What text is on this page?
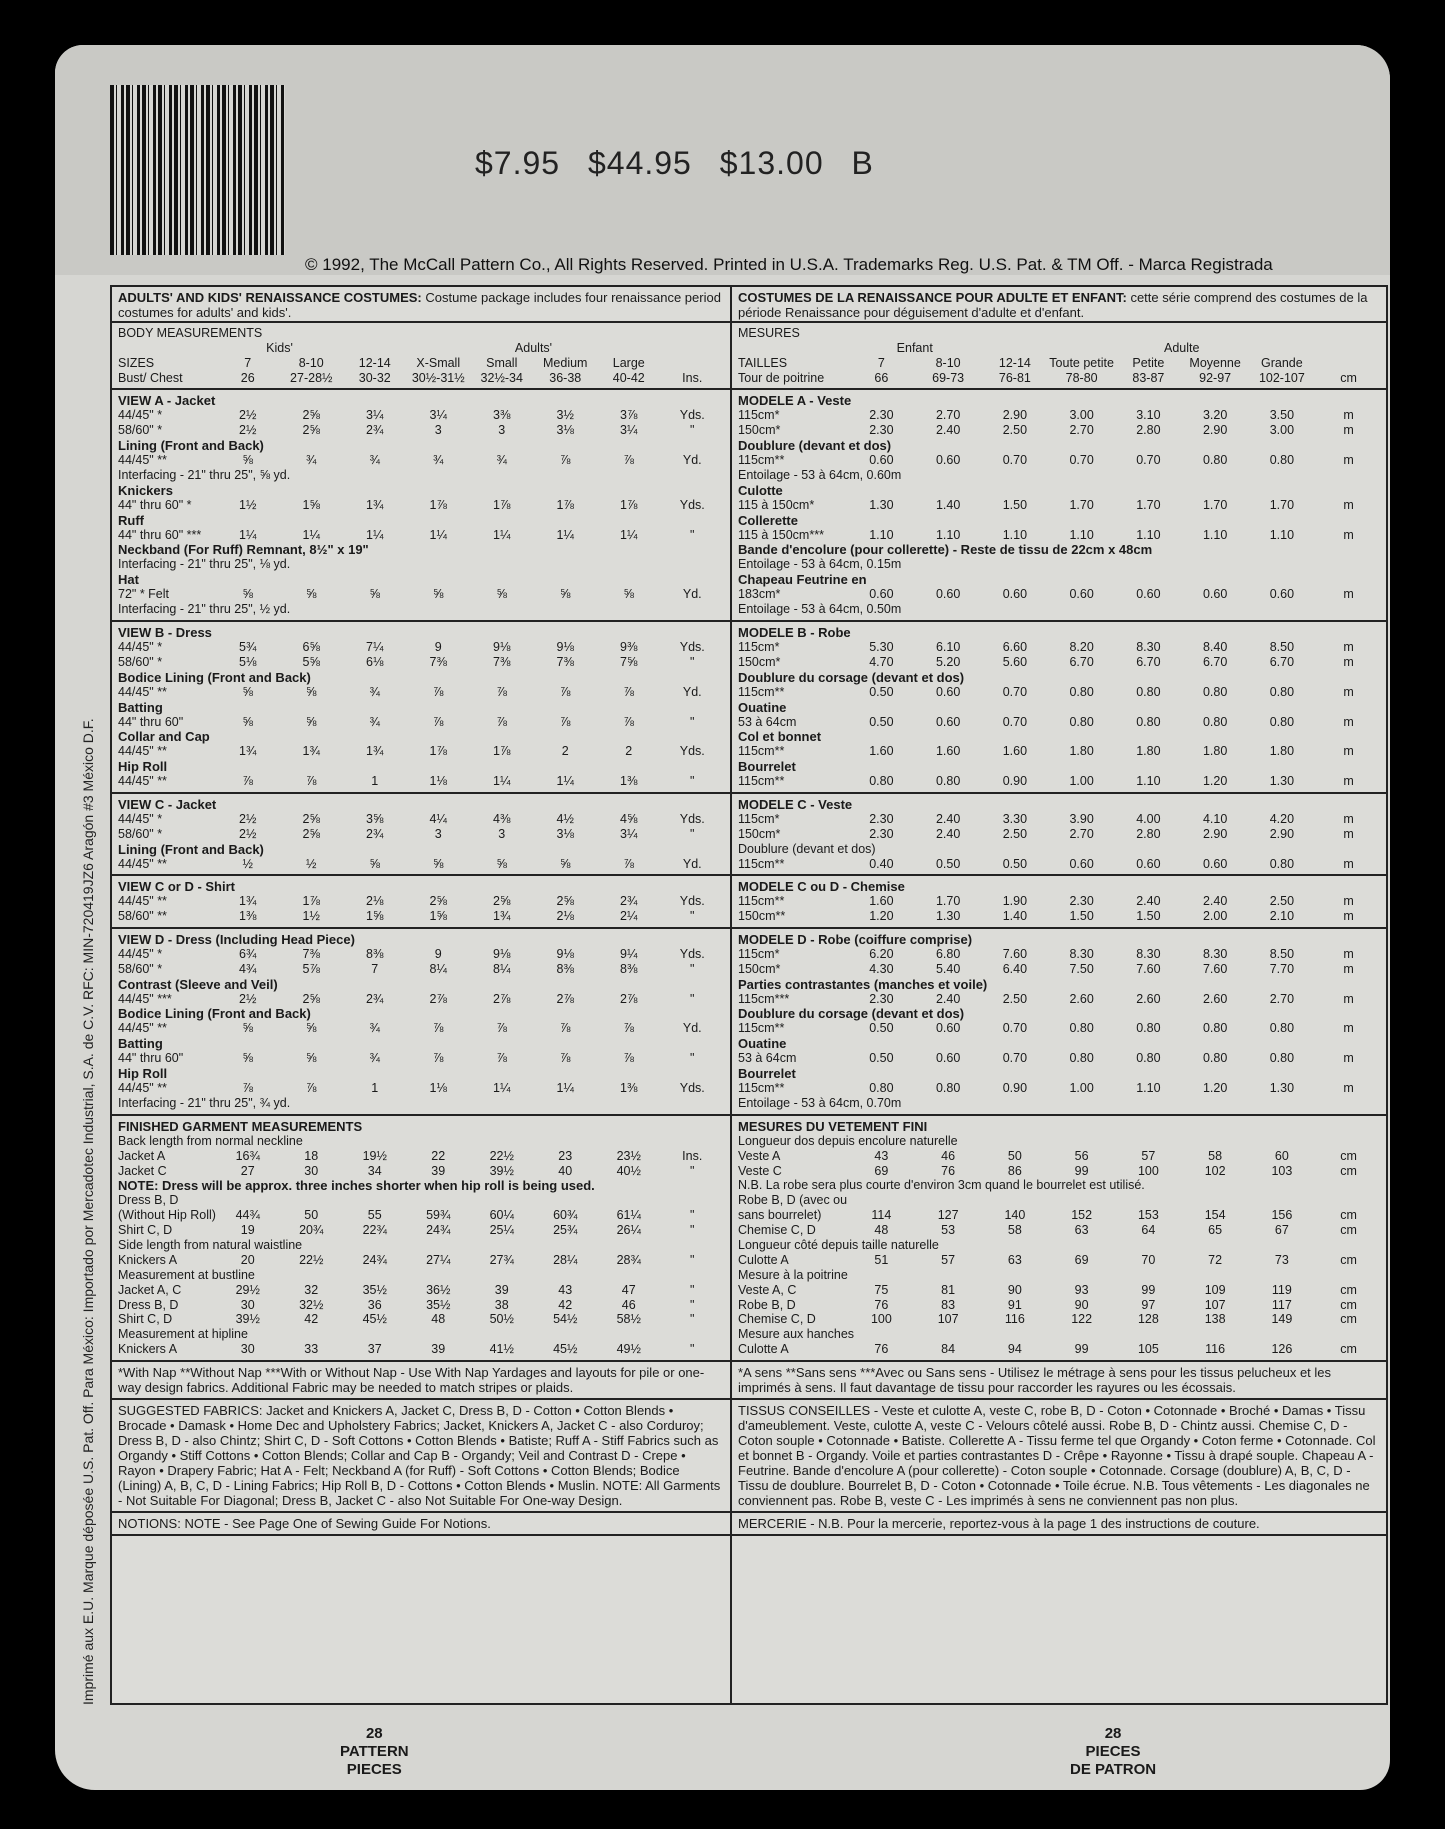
$7.95 $44.95 $13.00 B
© 1992, The McCall Pattern Co., All Rights Reserved. Printed in U.S.A. Trademarks Reg. U.S. Pat. & TM Off. - Marca Registrada
Imprimé aux E.U. Marque déposée U.S. Pat. Off. Para México: Importado por Mercadotec Industrial, S.A. de C.V. RFC: MIN-720419JZ6 Aragón #3 México D.F.
ADULTS' AND KIDS' RENAISSANCE COSTUMES: Costume package includes four renaissance period costumes for adults' and kids'.
BODY MEASUREMENTS
Kids'	Adults'
SIZES	7	8-10	12-14	X-Small	Small	Medium	Large
Bust/ Chest	26	27-28½	30-32	30½-31½	32½-34	36-38	40-42	Ins.
VIEW A - Jacket
44/45" *	2½	2⅝	3¼	3¼	3⅜	3½	3⅞	Yds.
58/60" *	2½	2⅝	2¾	3	3	3⅛	3¼	"
Lining (Front and Back)
44/45" **	⅝	¾	¾	¾	¾	⅞	⅞	Yd.
Interfacing - 21" thru 25", ⅝ yd.
Knickers
44" thru 60" *	1½	1⅝	1¾	1⅞	1⅞	1⅞	1⅞	Yds.
Ruff
44" thru 60" ***	1¼	1¼	1¼	1¼	1¼	1¼	1¼	"
Neckband (For Ruff) Remnant, 8½" x 19"
Interfacing - 21" thru 25", ⅛ yd.
Hat
72" * Felt	⅝	⅝	⅝	⅝	⅝	⅝	⅝	Yd.
Interfacing - 21" thru 25", ½ yd.
VIEW B - Dress
44/45" *	5¾	6⅝	7¼	9	9⅛	9⅛	9⅜	Yds.
58/60" *	5⅛	5⅝	6⅛	7⅜	7⅜	7⅜	7⅝	"
Bodice Lining (Front and Back)
44/45" **	⅝	⅝	¾	⅞	⅞	⅞	⅞	Yd.
Batting
44" thru 60"	⅝	⅝	¾	⅞	⅞	⅞	⅞	"
Collar and Cap
44/45" **	1¾	1¾	1¾	1⅞	1⅞	2	2	Yds.
Hip Roll
44/45" **	⅞	⅞	1	1⅛	1¼	1¼	1⅜	"
VIEW C - Jacket
44/45" *	2½	2⅝	3⅝	4¼	4⅜	4½	4⅝	Yds.
58/60" *	2½	2⅝	2¾	3	3	3⅛	3¼	"
Lining (Front and Back)
44/45" **	½	½	⅝	⅝	⅝	⅝	⅞	Yd.
VIEW C or D - Shirt
44/45" **	1¾	1⅞	2⅛	2⅝	2⅝	2⅝	2¾	Yds.
58/60" **	1⅜	1½	1⅝	1⅝	1¾	2⅛	2¼	"
VIEW D - Dress (Including Head Piece)
44/45" *	6¾	7⅜	8⅜	9	9⅛	9⅛	9¼	Yds.
58/60" *	4¾	5⅞	7	8¼	8¼	8⅜	8⅜	"
Contrast (Sleeve and Veil)
44/45" ***	2½	2⅝	2¾	2⅞	2⅞	2⅞	2⅞	"
Bodice Lining (Front and Back)
44/45" **	⅝	⅝	¾	⅞	⅞	⅞	⅞	Yd.
Batting
44" thru 60"	⅝	⅝	¾	⅞	⅞	⅞	⅞	"
Hip Roll
44/45" **	⅞	⅞	1	1⅛	1¼	1¼	1⅜	Yds.
Interfacing - 21" thru 25", ¾ yd.
FINISHED GARMENT MEASUREMENTS
Back length from normal neckline
Jacket A	16¾	18	19½	22	22½	23	23½	Ins.
Jacket C	27	30	34	39	39½	40	40½	"
NOTE: Dress will be approx. three inches shorter when hip roll is being used.
Dress B, D
(Without Hip Roll)	44¾	50	55	59¾	60¼	60¾	61¼	"
Shirt C, D	19	20¾	22¾	24¾	25¼	25¾	26¼	"
Side length from natural waistline
Knickers A	20	22½	24¾	27¼	27¾	28¼	28¾	"
Measurement at bustline
Jacket A, C	29½	32	35½	36½	39	43	47	"
Dress B, D	30	32½	36	35½	38	42	46	"
Shirt C, D	39½	42	45½	48	50½	54½	58½	"
Measurement at hipline
Knickers A	30	33	37	39	41½	45½	49½	"
*With Nap **Without Nap ***With or Without Nap - Use With Nap Yardages and layouts for pile or one-way design fabrics. Additional Fabric may be needed to match stripes or plaids.
SUGGESTED FABRICS: Jacket and Knickers A, Jacket C, Dress B, D - Cotton • Cotton Blends • Brocade • Damask • Home Dec and Upholstery Fabrics; Jacket, Knickers A, Jacket C - also Corduroy; Dress B, D - also Chintz; Shirt C, D - Soft Cottons • Cotton Blends • Batiste; Ruff A - Stiff Fabrics such as Organdy • Stiff Cottons • Cotton Blends; Collar and Cap B - Organdy; Veil and Contrast D - Crepe • Rayon • Drapery Fabric; Hat A - Felt; Neckband A (for Ruff) - Soft Cottons • Cotton Blends; Bodice (Lining) A, B, C, D - Lining Fabrics; Hip Roll B, D - Cottons • Cotton Blends • Muslin. NOTE: All Garments - Not Suitable For Diagonal; Dress B, Jacket C - also Not Suitable For One-way Design.
NOTIONS: NOTE - See Page One of Sewing Guide For Notions.
COSTUMES DE LA RENAISSANCE POUR ADULTE ET ENFANT: cette série comprend des costumes de la période Renaissance pour déguisement d'adulte et d'enfant.
MESURES
Enfant	Adulte
TAILLES	7	8-10	12-14	Toute petite	Petite	Moyenne	Grande
Tour de poitrine	66	69-73	76-81	78-80	83-87	92-97	102-107	cm
MODELE A - Veste
115cm*	2.30	2.70	2.90	3.00	3.10	3.20	3.50	m
150cm*	2.30	2.40	2.50	2.70	2.80	2.90	3.00	m
Doublure (devant et dos)
115cm**	0.60	0.60	0.70	0.70	0.70	0.80	0.80	m
Entoilage - 53 à 64cm, 0.60m
Culotte
115 à 150cm*	1.30	1.40	1.50	1.70	1.70	1.70	1.70	m
Collerette
115 à 150cm***	1.10	1.10	1.10	1.10	1.10	1.10	1.10	m
Bande d'encolure (pour collerette) - Reste de tissu de 22cm x 48cm
Entoilage - 53 à 64cm, 0.15m
Chapeau Feutrine en
183cm*	0.60	0.60	0.60	0.60	0.60	0.60	0.60	m
Entoilage - 53 à 64cm, 0.50m
MODELE B - Robe
115cm*	5.30	6.10	6.60	8.20	8.30	8.40	8.50	m
150cm*	4.70	5.20	5.60	6.70	6.70	6.70	6.70	m
Doublure du corsage (devant et dos)
115cm**	0.50	0.60	0.70	0.80	0.80	0.80	0.80	m
Ouatine
53 à 64cm	0.50	0.60	0.70	0.80	0.80	0.80	0.80	m
Col et bonnet
115cm**	1.60	1.60	1.60	1.80	1.80	1.80	1.80	m
Bourrelet
115cm**	0.80	0.80	0.90	1.00	1.10	1.20	1.30	m
MODELE C - Veste
115cm*	2.30	2.40	3.30	3.90	4.00	4.10	4.20	m
150cm*	2.30	2.40	2.50	2.70	2.80	2.90	2.90	m
Doublure (devant et dos)
115cm**	0.40	0.50	0.50	0.60	0.60	0.60	0.80	m
MODELE C ou D - Chemise
115cm**	1.60	1.70	1.90	2.30	2.40	2.40	2.50	m
150cm**	1.20	1.30	1.40	1.50	1.50	2.00	2.10	m
MODELE D - Robe (coiffure comprise)
115cm*	6.20	6.80	7.60	8.30	8.30	8.30	8.50	m
150cm*	4.30	5.40	6.40	7.50	7.60	7.60	7.70	m
Parties contrastantes (manches et voile)
115cm***	2.30	2.40	2.50	2.60	2.60	2.60	2.70	m
Doublure du corsage (devant et dos)
115cm**	0.50	0.60	0.70	0.80	0.80	0.80	0.80	m
Ouatine
53 à 64cm	0.50	0.60	0.70	0.80	0.80	0.80	0.80	m
Bourrelet
115cm**	0.80	0.80	0.90	1.00	1.10	1.20	1.30	m
Entoilage - 53 à 64cm, 0.70m
MESURES DU VETEMENT FINI
Longueur dos depuis encolure naturelle
Veste A	43	46	50	56	57	58	60	cm
Veste C	69	76	86	99	100	102	103	cm
N.B. La robe sera plus courte d'environ 3cm quand le bourrelet est utilisé.
Robe B, D (avec ou
sans bourrelet)	114	127	140	152	153	154	156	cm
Chemise C, D	48	53	58	63	64	65	67	cm
Longueur côté depuis taille naturelle
Culotte A	51	57	63	69	70	72	73	cm
Mesure à la poitrine
Veste A, C	75	81	90	93	99	109	119	cm
Robe B, D	76	83	91	90	97	107	117	cm
Chemise C, D	100	107	116	122	128	138	149	cm
Mesure aux hanches
Culotte A	76	84	94	99	105	116	126	cm
*A sens **Sans sens ***Avec ou Sans sens - Utilisez le métrage à sens pour les tissus pelucheux et les imprimés à sens. Il faut davantage de tissu pour raccorder les rayures ou les écossais.
TISSUS CONSEILLES - Veste et culotte A, veste C, robe B, D - Coton • Cotonnade • Broché • Damas • Tissu d'ameublement. Veste, culotte A, veste C - Velours côtelé aussi. Robe B, D - Chintz aussi. Chemise C, D - Coton souple • Cotonnade • Batiste. Collerette A - Tissu ferme tel que Organdy • Coton ferme • Cotonnade. Col et bonnet B - Organdy. Voile et parties contrastantes D - Crêpe • Rayonne • Tissu à drapé souple. Chapeau A - Feutrine. Bande d'encolure A (pour collerette) - Coton souple • Cotonnade. Corsage (doublure) A, B, C, D - Tissu de doublure. Bourrelet B, D - Coton • Cotonnade • Toile écrue. N.B. Tous vêtements - Les diagonales ne conviennent pas. Robe B, veste C - Les imprimés à sens ne conviennent pas non plus.
MERCERIE - N.B. Pour la mercerie, reportez-vous à la page 1 des instructions de couture.
28
PATTERN
PIECES
28
PIECES
DE PATRON
